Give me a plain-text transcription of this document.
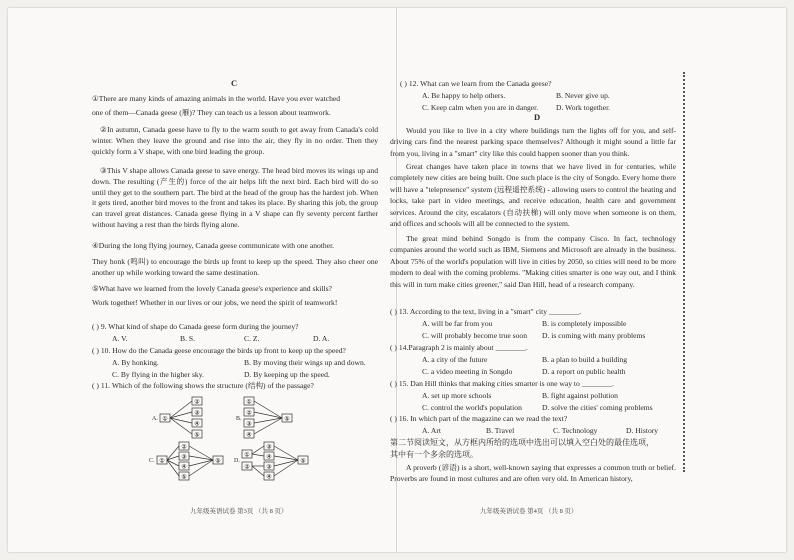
C
①There are many kinds of amazing animals in the world. Have you ever watched
one of them—Canada geese (雁)? They can teach us a lesson about teamwork.
②In autumn, Canada geese have to fly to the warm south to get away from Canada's cold winter. When they leave the ground and rise into the air, they fly in no order. Then they quickly form a V shape, with one bird leading the group.
③This V shape allows Canada geese to save energy. The head bird moves its wings up and down. The resulting (产生的) force of the air helps lift the next bird. Each bird will do so until they get to the southern part. The bird at the head of the group has the hardest job. When it gets tired, another bird moves to the front and takes its place. By sharing this job, the group can travel great distances. Canada geese flying in a V shape can fly seventy percent farther without having a rest than the birds flying alone.
④During the long flying journey, Canada geese communicate with one another.
They honk (鸣叫) to encourage the birds up front to keep up the speed. They also cheer one another up while working toward the same destination.
⑤What have we learned from the lovely Canada geese's experience and skills?
Work together! Whether in our lives or our jobs, we need the spirit of teamwork!
( ) 9. What kind of shape do Canada geese form during the journey?
A. V.	B. S.	C. Z.	D. A.
( ) 10. How do the Canada geese encourage the birds up front to keep up the speed?
A. By honking.	B. By moving their wings up and down.
C. By flying in the higher sky.	D. By keeping up the speed.
( ) 11. Which of the following shows the structure (结构) of the passage?
A. ①
②
③
④
⑤
B.
①
②
③
④
⑤
C. ①
②
③
④
⑤
⑤ D.
①
②
③
④
③
④
⑤
九年级英语试卷 第3页 （共 8 页）
( ) 12. What can we learn from the Canada geese?
A. Be happy to help others.	B. Never give up.
C. Keep calm when you are in danger. D. Work together.
D
Would you like to live in a city where buildings turn the lights off for you, and self-driving cars find the nearest parking space themselves? Although it might sound a little far from you, living in a "smart" city like this could happen sooner than you think.
Great changes have taken place in towns that we have lived in for centuries, while completely new cities are being built. One such place is the city of Songdo. Every home there will have a "telepresence" system (远程遥控系统) - allowing users to control the heating and locks, take part in video meetings, and receive education, health care and government services. Around the city, escalators (自动扶梯) will only move when someone is on them, and offices and schools will all be connected to the system.
The great mind behind Songdo is from the company Cisco. In fact, technology companies around the world such as IBM, Siemens and Microsoft are already in the business. About 75% of the world's population will live in cities by 2050, so cities will need to be more modern to deal with the coming problems. "Making cities smarter is one way out, and I think this will in turn make cities greener," said Dan Hill, head of a research company.
( ) 13. According to the text, living in a "smart" city ________.
A. will be far from you	B. is completely impossible
C. will probably become true soon D. is coming with many problems
( ) 14.Paragraph 2 is mainly about ________.
A. a city of the future	B. a plan to build a building
C. a video meeting in Songdo	D. a report on public health
( ) 15. Dan Hill thinks that making cities smarter is one way to ________.
A. set up more schools	B. fight against pollution
C. control the world's population	D. solve the cities' coming problems
( ) 16. In which part of the magazine can we read the text?
A. Art	B. Travel	C. Technology	D. History
第二节阅读短文，从方框内所给的选项中选出可以填入空白处的最佳选项，
其中有一个多余的选项。
A proverb (谚语) is a short, well-known saying that expresses a common truth or belief. Proverbs are found in most cultures and are often very old. In American history,
九年级英语试卷 第4页 （共 8 页）
